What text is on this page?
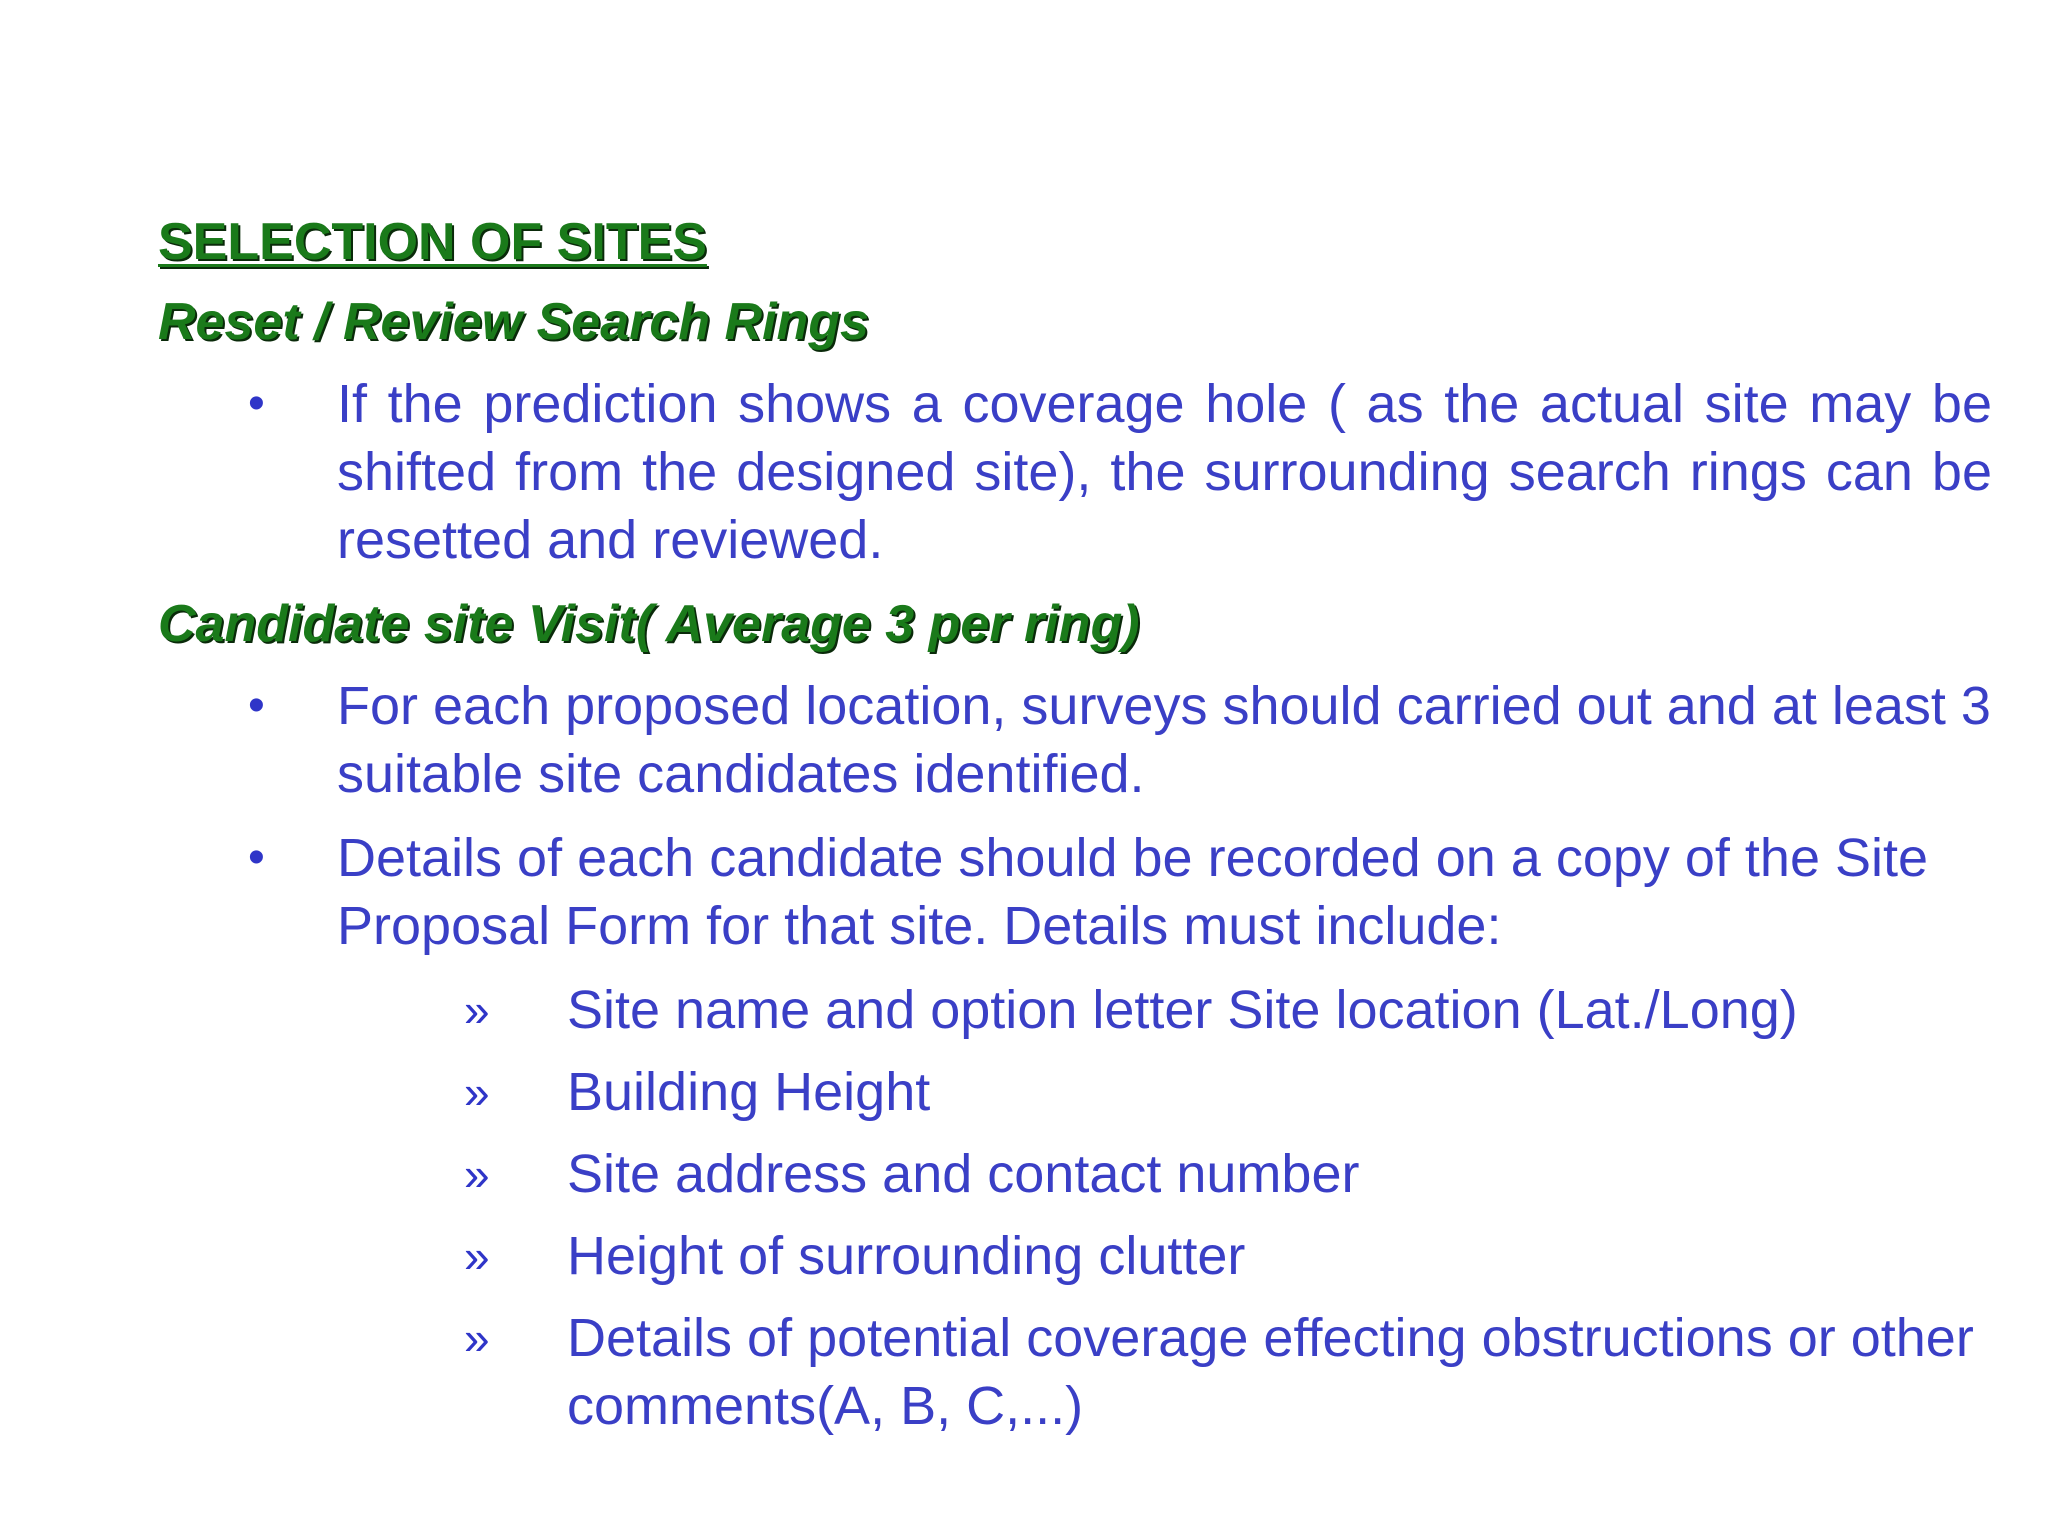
SELECTION OF SITES
Reset / Review Search Rings
• If the prediction shows a coverage hole ( as the actual site may be shifted from the designed site), the surrounding search rings can be resetted and reviewed.
Candidate site Visit( Average 3 per ring)
• For each proposed location, surveys should carried out and at least 3 suitable site candidates identified.
• Details of each candidate should be recorded on a copy of the Site Proposal Form for that site. Details must include:
» Site name and option letter Site location (Lat./Long)
» Building Height
» Site address and contact number
» Height of surrounding clutter
» Details of potential coverage effecting obstructions or other comments(A, B, C,...)
